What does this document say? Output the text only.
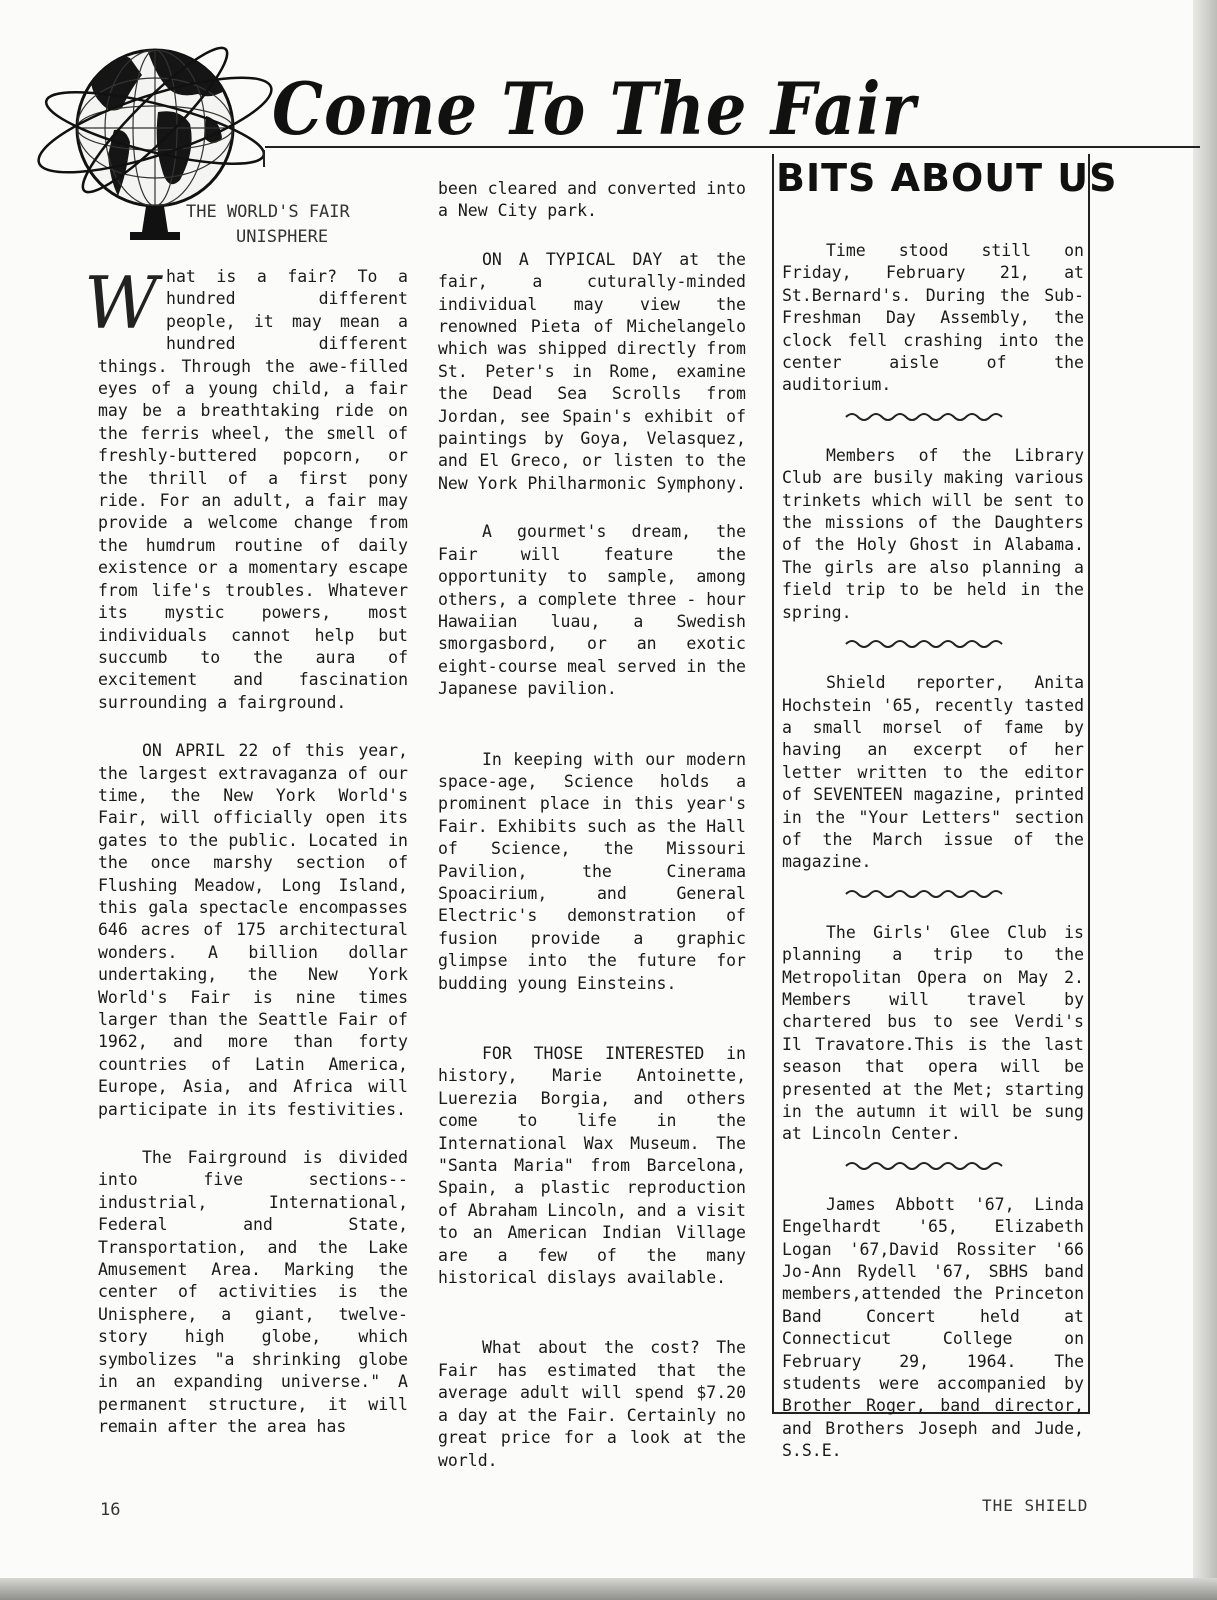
Come To The Fair
THE WORLD'S FAIR
UNISPHERE

What is a fair? To a hundred different people, it may mean a hundred different things. Through the awe-filled eyes of a young child, a fair may be a breathtaking ride on the ferris wheel, the smell of freshly-buttered popcorn, or the thrill of a first pony ride. For an adult, a fair may provide a welcome change from the humdrum routine of daily existence or a momentary escape from life's troubles. Whatever its mystic powers, most individuals cannot help but succumb to the aura of excitement and fascination surrounding a fairground.

ON APRIL 22 of this year, the largest extravaganza of our time, the New York World's Fair, will officially open its gates to the public. Located in the once marshy section of Flushing Meadow, Long Island, this gala spectacle encompasses 646 acres of 175 architectural wonders. A billion dollar undertaking, the New York World's Fair is nine times larger than the Seattle Fair of 1962, and more than forty countries of Latin America, Europe, Asia, and Africa will participate in its festivities.

The Fairground is divided into five sections-- industrial, International, Federal and State, Transportation, and the Lake Amusement Area. Marking the center of activities is the Unisphere, a giant, twelve-story high globe, which symbolizes "a shrinking globe in an expanding universe." A permanent structure, it will remain after the area has

been cleared and converted into a New City park.

ON A TYPICAL DAY at the fair, a cuturally-minded individual may view the renowned Pieta of Michelangelo which was shipped directly from St. Peter's in Rome, examine the Dead Sea Scrolls from Jordan, see Spain's exhibit of paintings by Goya, Velasquez, and El Greco, or listen to the New York Philharmonic Symphony.

A gourmet's dream, the Fair will feature the opportunity to sample, among others, a complete three - hour Hawaiian luau, a Swedish smorgasbord, or an exotic eight-course meal served in the Japanese pavilion.

In keeping with our modern space-age, Science holds a prominent place in this year's Fair. Exhibits such as the Hall of Science, the Missouri Pavilion, the Cinerama Spoacirium, and General Electric's demonstration of fusion provide a graphic glimpse into the future for budding young Einsteins.

FOR THOSE INTERESTED in history, Marie Antoinette, Luerezia Borgia, and others come to life in the International Wax Museum. The "Santa Maria" from Barcelona, Spain, a plastic reproduction of Abraham Lincoln, and a visit to an American Indian Village are a few of the many historical dislays available.

What about the cost? The Fair has estimated that the average adult will spend $7.20 a day at the Fair. Certainly no great price for a look at the world.

BITS ABOUT US

Time stood still on Friday, February 21, at St.Bernard's. During the Sub-Freshman Day Assembly, the clock fell crashing into the center aisle of the auditorium.

Members of the Library Club are busily making various trinkets which will be sent to the missions of the Daughters of the Holy Ghost in Alabama. The girls are also planning a field trip to be held in the spring.

Shield reporter, Anita Hochstein '65, recently tasted a small morsel of fame by having an excerpt of her letter written to the editor of SEVENTEEN magazine, printed in the "Your Letters" section of the March issue of the magazine.

The Girls' Glee Club is planning a trip to the Metropolitan Opera on May 2. Members will travel by chartered bus to see Verdi's Il Travatore.This is the last season that opera will be presented at the Met; starting in the autumn it will be sung at Lincoln Center.

James Abbott '67, Linda Engelhardt '65, Elizabeth Logan '67,David Rossiter '66 Jo-Ann Rydell '67, SBHS band members,attended the Princeton Band Concert held at Connecticut College on February 29, 1964. The students were accompanied by Brother Roger, band director, and Brothers Joseph and Jude, S.S.E.

16	THE SHIELD
